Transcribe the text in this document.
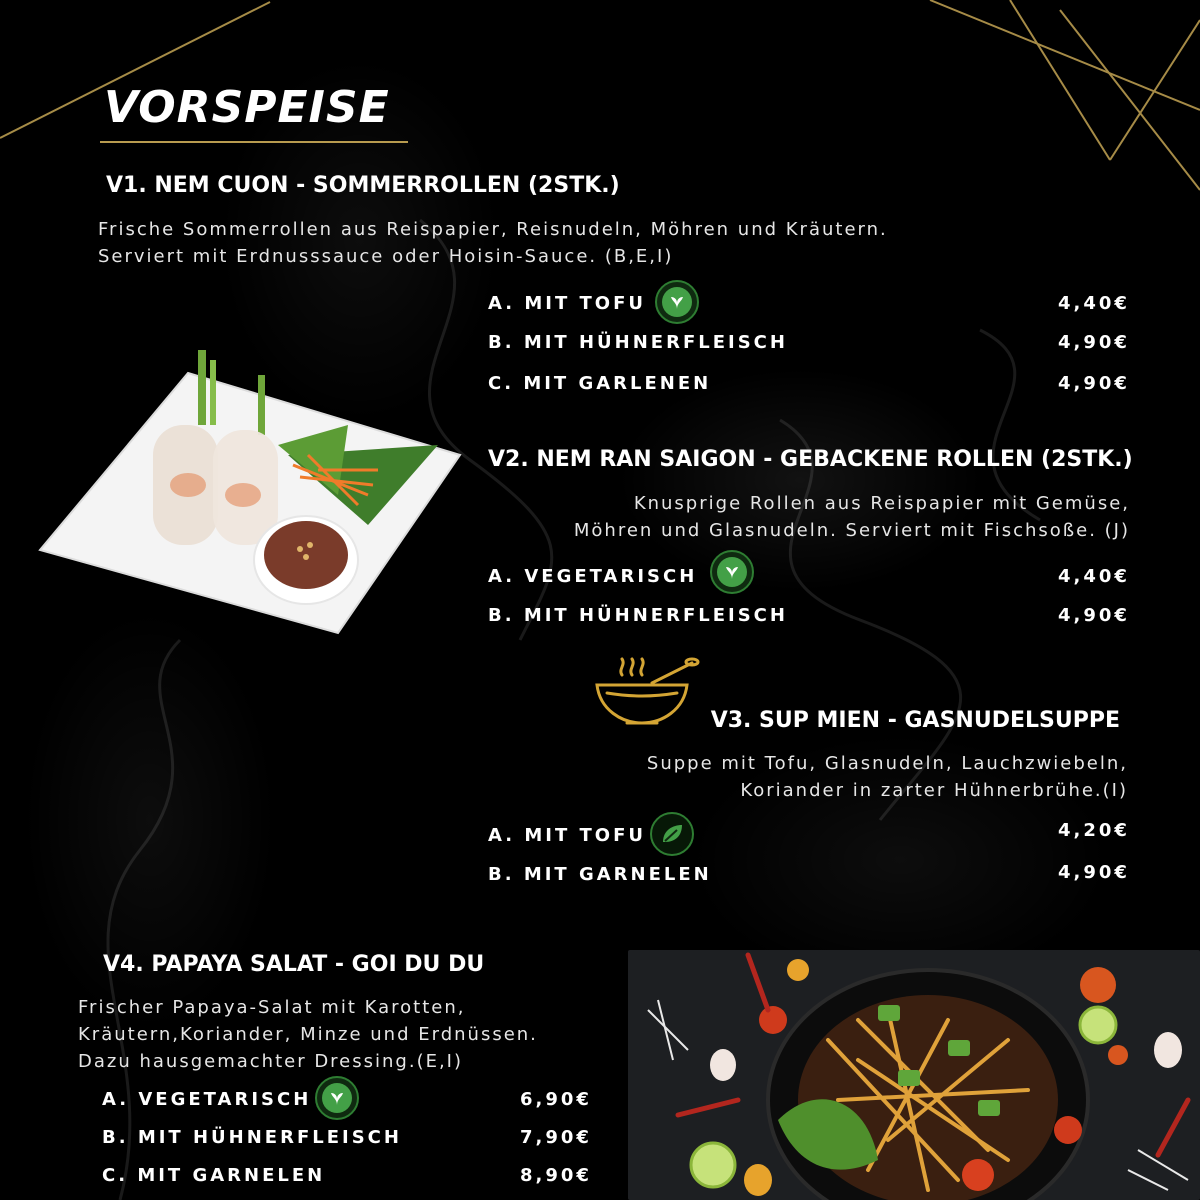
VORSPEISE
V1. NEM CUON - SOMMERROLLEN (2STK.)
Frische Sommerrollen aus Reispapier, Reisnudeln, Möhren und Kräutern.
Serviert mit Erdnusssauce oder Hoisin-Sauce. (B,E,I)
A. MIT TOFU	4,40€
B. MIT HÜHNERFLEISCH	4,90€
C. MIT GARLENEN	4,90€
V2. NEM RAN SAIGON - GEBACKENE ROLLEN (2STK.)
Knusprige Rollen aus Reispapier mit Gemüse,
Möhren und Glasnudeln. Serviert mit Fischsoße. (J)
A. VEGETARISCH	4,40€
B. MIT HÜHNERFLEISCH	4,90€
V3. SUP MIEN - GASNUDELSUPPE
Suppe mit Tofu, Glasnudeln, Lauchzwiebeln,
Koriander in zarter Hühnerbrühe.(I)
A. MIT TOFU	4,20€
B. MIT GARNELEN	4,90€
V4. PAPAYA SALAT - GOI DU DU
Frischer Papaya-Salat mit Karotten,
Kräutern,Koriander, Minze und Erdnüssen.
Dazu hausgemachter Dressing.(E,I)
A. VEGETARISCH	6,90€
B. MIT HÜHNERFLEISCH	7,90€
C. MIT GARNELEN	8,90€
